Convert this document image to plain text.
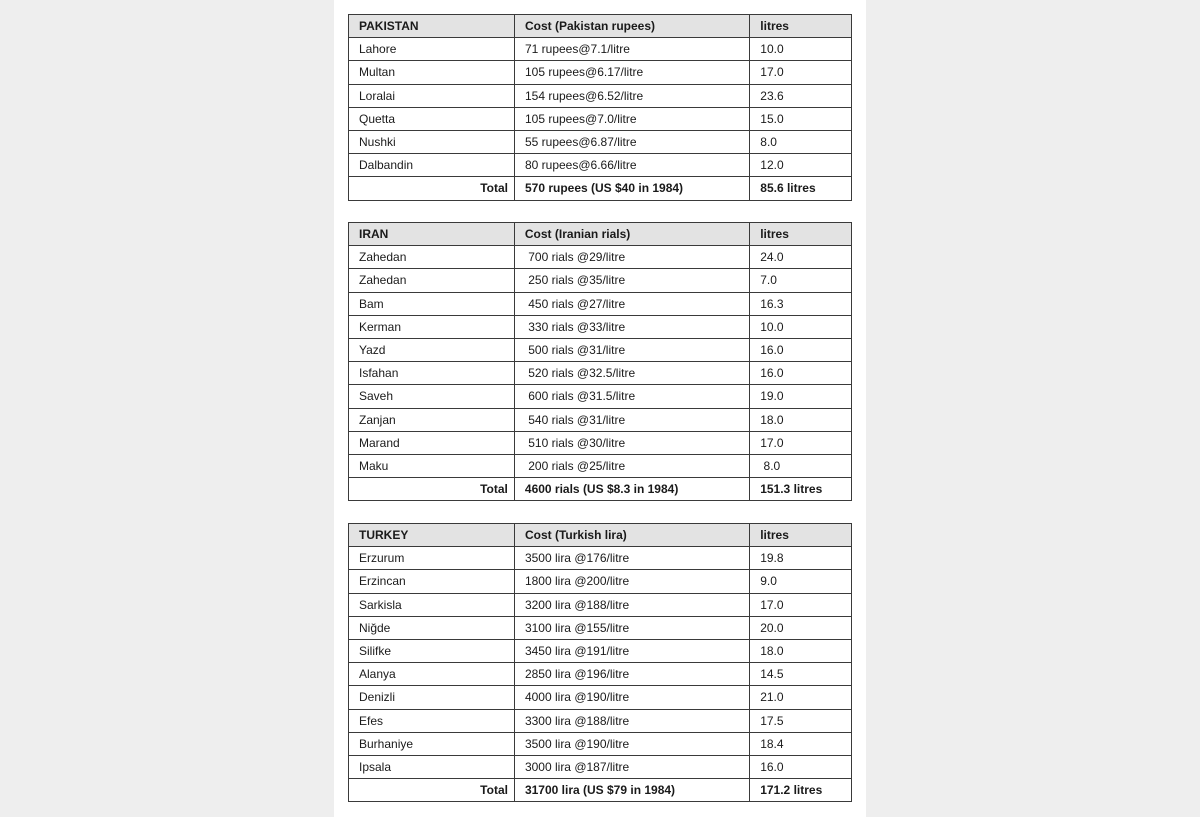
PAKISTAN	Cost (Pakistan rupees)	litres
Lahore	71 rupees@7.1/litre	10.0
Multan	105 rupees@6.17/litre	17.0
Loralai	154 rupees@6.52/litre	23.6
Quetta	105 rupees@7.0/litre	15.0
Nushki	55 rupees@6.87/litre	8.0
Dalbandin	80 rupees@6.66/litre	12.0
Total	570 rupees (US $40 in 1984)	85.6 litres
IRAN	Cost (Iranian rials)	litres
Zahedan	700 rials @29/litre	24.0
Zahedan	250 rials @35/litre	7.0
Bam	450 rials @27/litre	16.3
Kerman	330 rials @33/litre	10.0
Yazd	500 rials @31/litre	16.0
Isfahan	520 rials @32.5/litre	16.0
Saveh	600 rials @31.5/litre	19.0
Zanjan	540 rials @31/litre	18.0
Marand	510 rials @30/litre	17.0
Maku	200 rials @25/litre	8.0
Total	4600 rials (US $8.3 in 1984)	151.3 litres
TURKEY	Cost (Turkish lira)	litres
Erzurum	3500 lira @176/litre	19.8
Erzincan	1800 lira @200/litre	9.0
Sarkisla	3200 lira @188/litre	17.0
Niğde	3100 lira @155/litre	20.0
Silifke	3450 lira @191/litre	18.0
Alanya	2850 lira @196/litre	14.5
Denizli	4000 lira @190/litre	21.0
Efes	3300 lira @188/litre	17.5
Burhaniye	3500 lira @190/litre	18.4
Ipsala	3000 lira @187/litre	16.0
Total	31700 lira (US $79 in 1984)	171.2 litres
